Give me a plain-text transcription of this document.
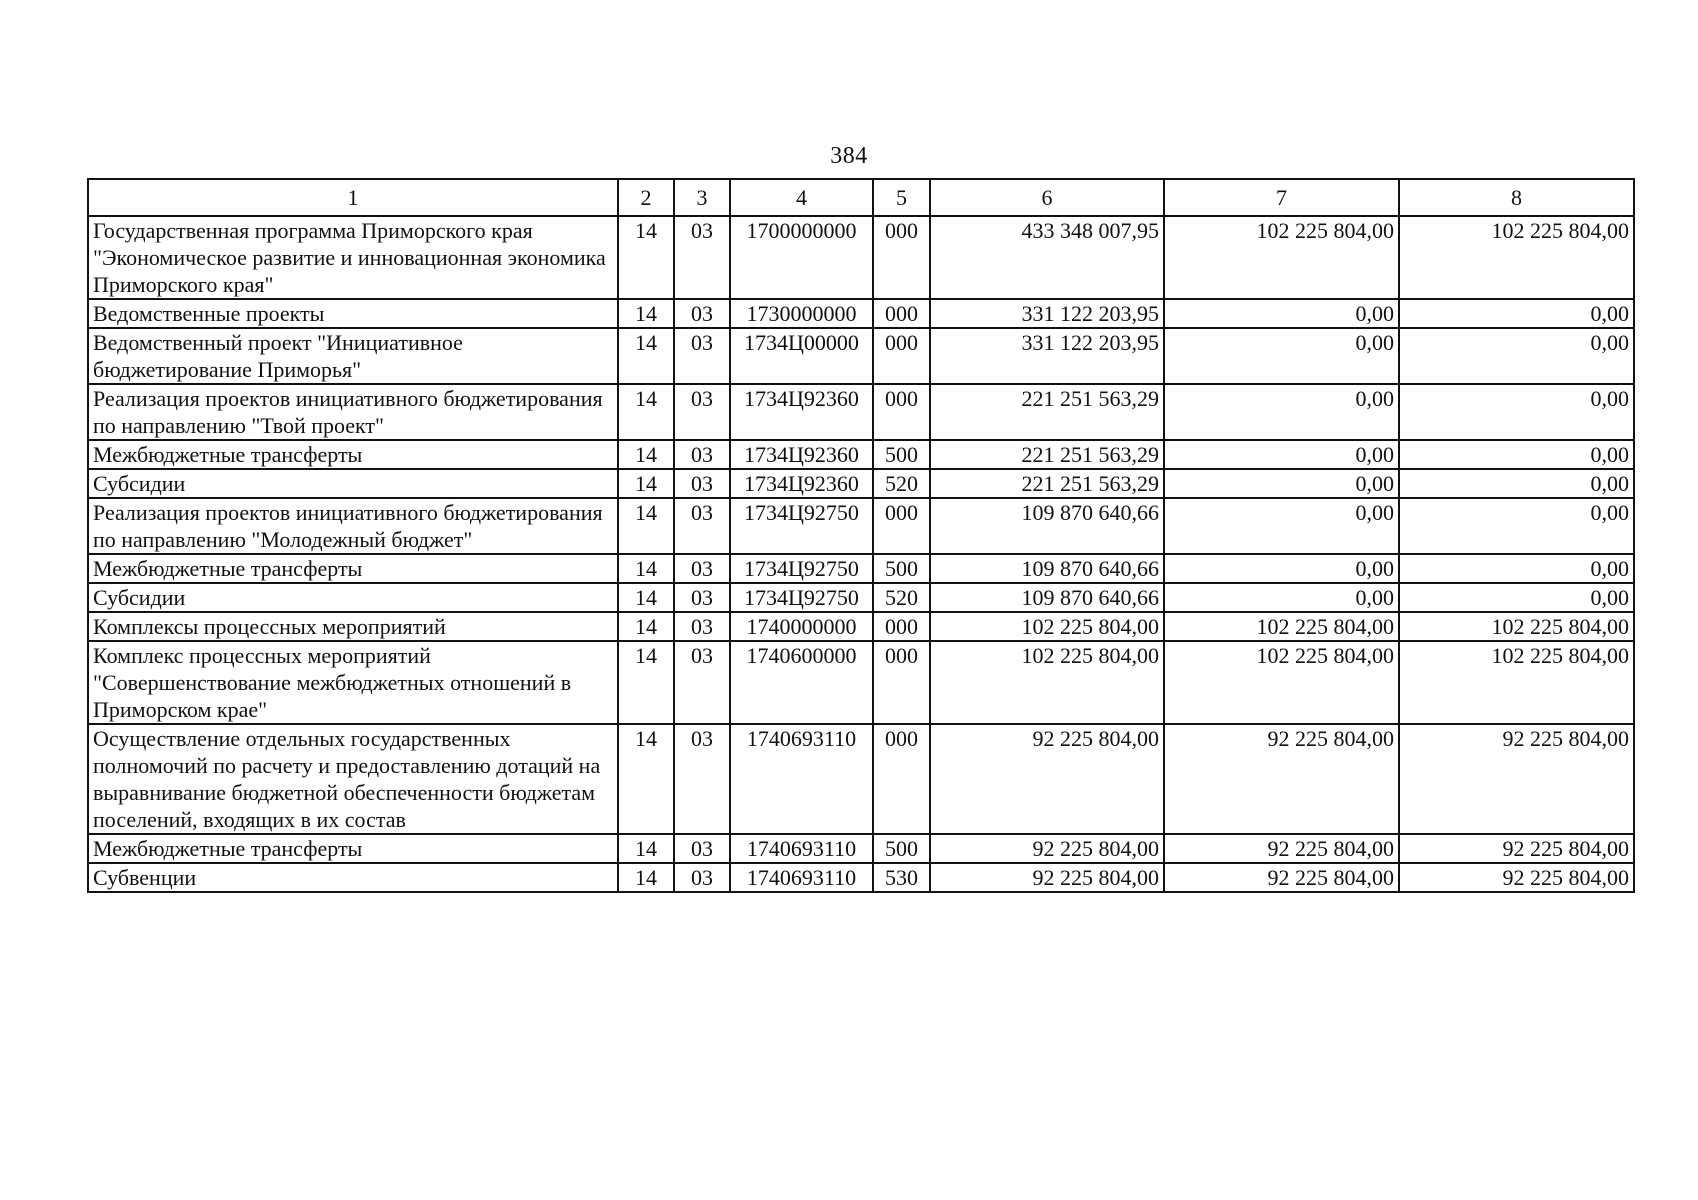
384
1	2	3	4	5	6	7	8
Государственная программа Приморского края "Экономическое развитие и инновационная экономика Приморского края"	14	03	1700000000	000	433 348 007,95	102 225 804,00	102 225 804,00
Ведомственные проекты	14	03	1730000000	000	331 122 203,95	0,00	0,00
Ведомственный проект "Инициативное бюджетирование Приморья"	14	03	1734Ц00000	000	331 122 203,95	0,00	0,00
Реализация проектов инициативного бюджетирования по направлению "Твой проект"	14	03	1734Ц92360	000	221 251 563,29	0,00	0,00
Межбюджетные трансферты	14	03	1734Ц92360	500	221 251 563,29	0,00	0,00
Субсидии	14	03	1734Ц92360	520	221 251 563,29	0,00	0,00
Реализация проектов инициативного бюджетирования по направлению "Молодежный бюджет"	14	03	1734Ц92750	000	109 870 640,66	0,00	0,00
Межбюджетные трансферты	14	03	1734Ц92750	500	109 870 640,66	0,00	0,00
Субсидии	14	03	1734Ц92750	520	109 870 640,66	0,00	0,00
Комплексы процессных мероприятий	14	03	1740000000	000	102 225 804,00	102 225 804,00	102 225 804,00
Комплекс процессных мероприятий "Совершенствование межбюджетных отношений в Приморском крае"	14	03	1740600000	000	102 225 804,00	102 225 804,00	102 225 804,00
Осуществление отдельных государственных полномочий по расчету и предоставлению дотаций на выравнивание бюджетной обеспеченности бюджетам поселений, входящих в их состав	14	03	1740693110	000	92 225 804,00	92 225 804,00	92 225 804,00
Межбюджетные трансферты	14	03	1740693110	500	92 225 804,00	92 225 804,00	92 225 804,00
Субвенции	14	03	1740693110	530	92 225 804,00	92 225 804,00	92 225 804,00
